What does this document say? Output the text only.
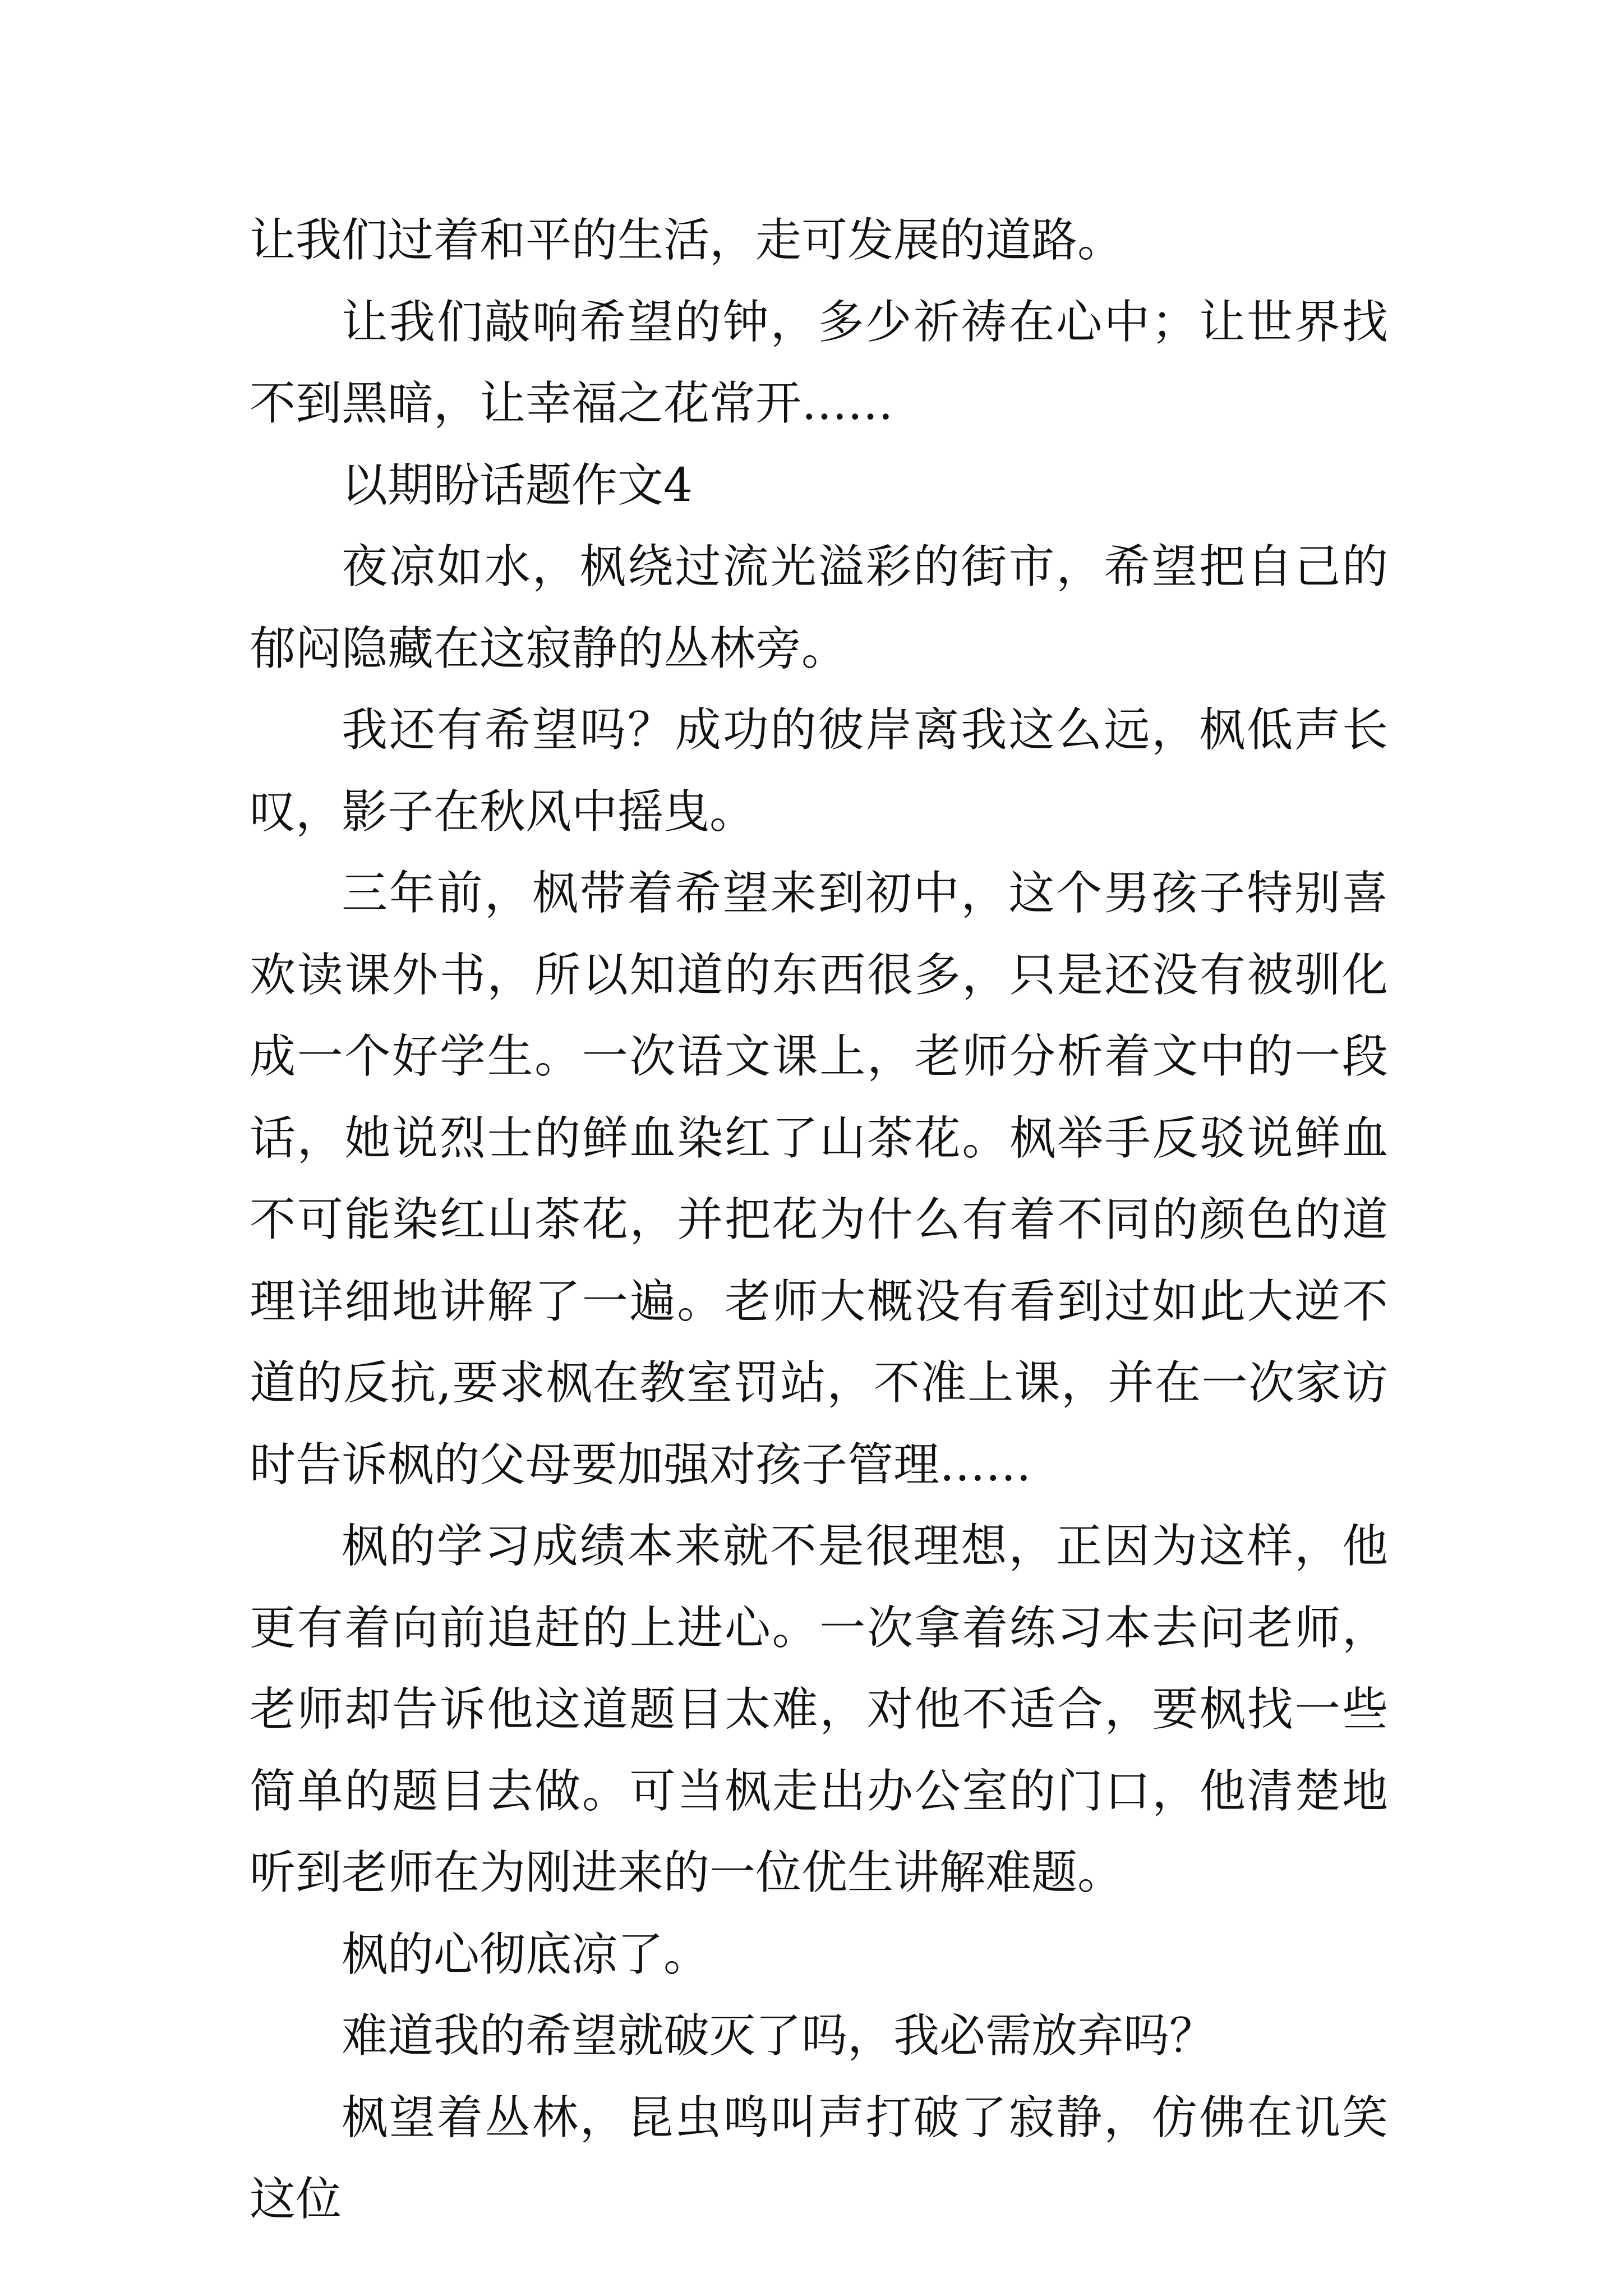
让我们过着和平的生活，走可发展的道路。

让我们敲响希望的钟，多少祈祷在心中；让世界找不到黑暗，让幸福之花常开……

以期盼话题作文4

夜凉如水，枫绕过流光溢彩的街市，希望把自己的郁闷隐藏在这寂静的丛林旁。

我还有希望吗？成功的彼岸离我这么远，枫低声长叹，影子在秋风中摇曳。

三年前，枫带着希望来到初中，这个男孩子特别喜欢读课外书，所以知道的东西很多，只是还没有被驯化成一个好学生。一次语文课上，老师分析着文中的一段话，她说烈士的鲜血染红了山茶花。枫举手反驳说鲜血不可能染红山茶花，并把花为什么有着不同的颜色的道理详细地讲解了一遍。老师大概没有看到过如此大逆不道的反抗,要求枫在教室罚站，不准上课，并在一次家访时告诉枫的父母要加强对孩子管理……

枫的学习成绩本来就不是很理想，正因为这样，他更有着向前追赶的上进心。一次拿着练习本去问老师，老师却告诉他这道题目太难，对他不适合，要枫找一些简单的题目去做。可当枫走出办公室的门口，他清楚地听到老师在为刚进来的一位优生讲解难题。

枫的心彻底凉了。

难道我的希望就破灭了吗，我必需放弃吗？

枫望着丛林，昆虫鸣叫声打破了寂静，仿佛在讥笑这位
